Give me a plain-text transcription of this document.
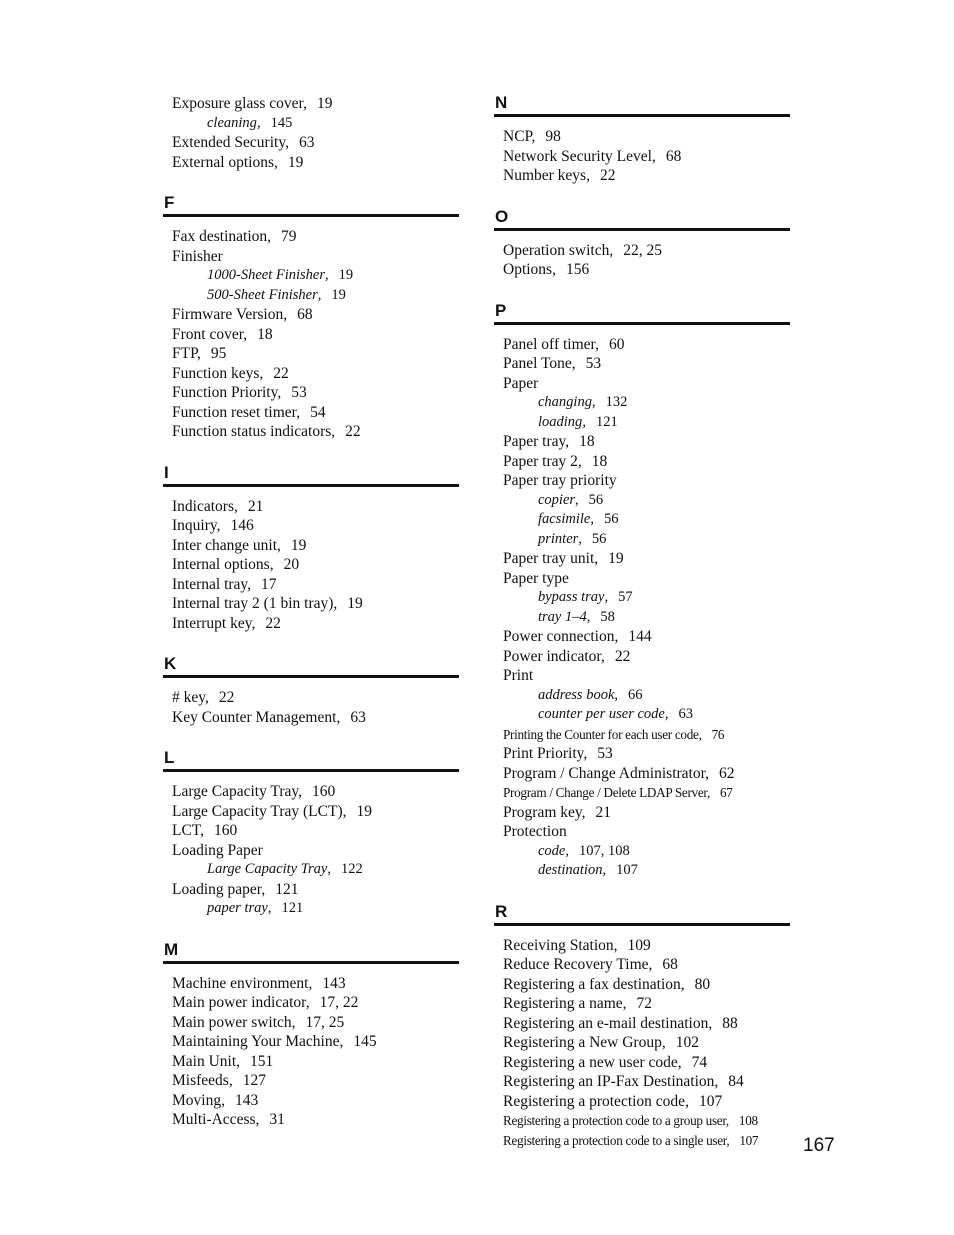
Exposure glass cover, 19
cleaning, 145
Extended Security, 63
External options, 19
F
Fax destination, 79
Finisher
1000-Sheet Finisher, 19
500-Sheet Finisher, 19
Firmware Version, 68
Front cover, 18
FTP, 95
Function keys, 22
Function Priority, 53
Function reset timer, 54
Function status indicators, 22
I
Indicators, 21
Inquiry, 146
Inter change unit, 19
Internal options, 20
Internal tray, 17
Internal tray 2 (1 bin tray), 19
Interrupt key, 22
K
# key, 22
Key Counter Management, 63
L
Large Capacity Tray, 160
Large Capacity Tray (LCT), 19
LCT, 160
Loading Paper
Large Capacity Tray, 122
Loading paper, 121
paper tray, 121
M
Machine environment, 143
Main power indicator, 17, 22
Main power switch, 17, 25
Maintaining Your Machine, 145
Main Unit, 151
Misfeeds, 127
Moving, 143
Multi-Access, 31
N
NCP, 98
Network Security Level, 68
Number keys, 22
O
Operation switch, 22, 25
Options, 156
P
Panel off timer, 60
Panel Tone, 53
Paper
changing, 132
loading, 121
Paper tray, 18
Paper tray 2, 18
Paper tray priority
copier, 56
facsimile, 56
printer, 56
Paper tray unit, 19
Paper type
bypass tray, 57
tray 1–4, 58
Power connection, 144
Power indicator, 22
Print
address book, 66
counter per user code, 63
Printing the Counter for each user code, 76
Print Priority, 53
Program / Change Administrator, 62
Program / Change / Delete LDAP Server, 67
Program key, 21
Protection
code, 107, 108
destination, 107
R
Receiving Station, 109
Reduce Recovery Time, 68
Registering a fax destination, 80
Registering a name, 72
Registering an e-mail destination, 88
Registering a New Group, 102
Registering a new user code, 74
Registering an IP-Fax Destination, 84
Registering a protection code, 107
Registering a protection code to a group user, 108
Registering a protection code to a single user, 107	167
